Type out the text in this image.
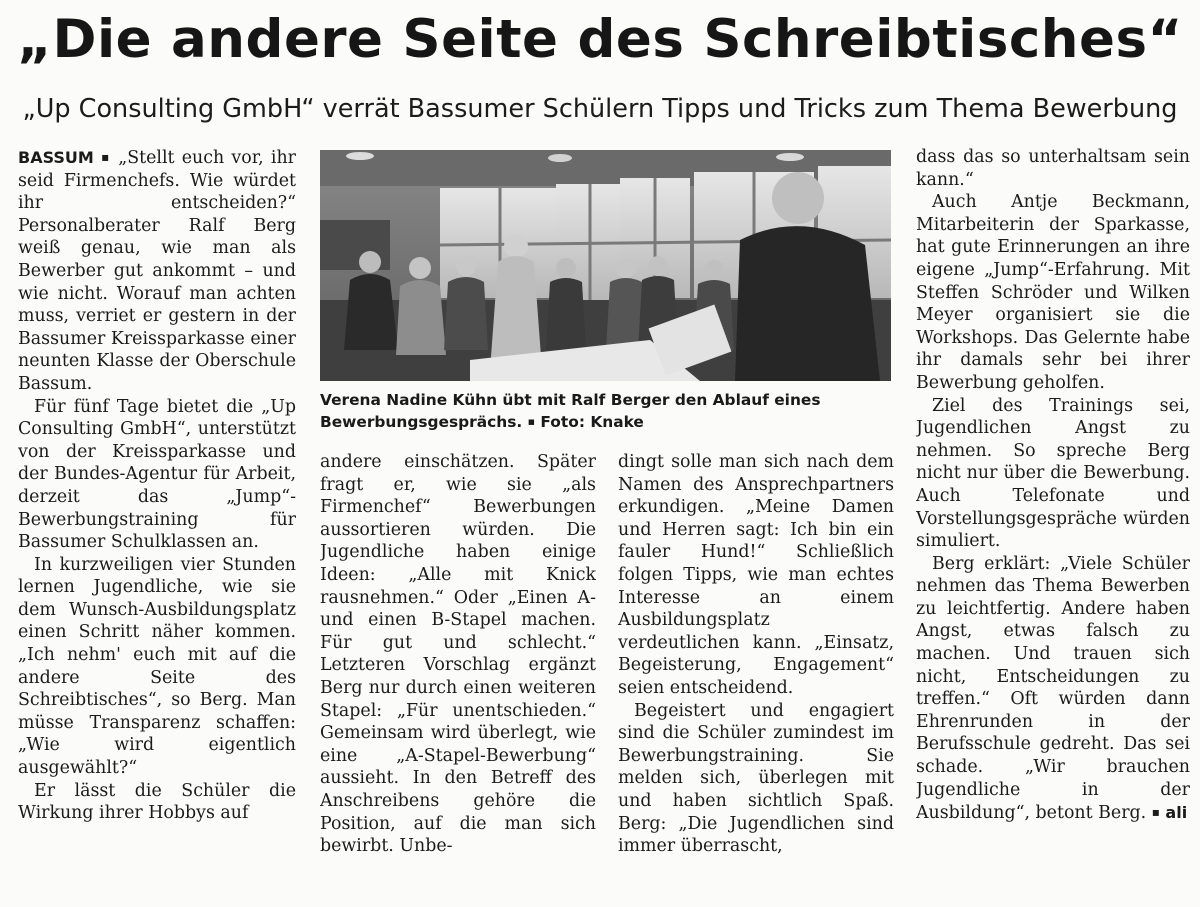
„Die andere Seite des Schreibtisches“
„Up Consulting GmbH“ verrät Bassumer Schülern Tipps und Tricks zum Thema Bewerbung

BASSUM ▪ „Stellt euch vor, ihr seid Firmenchefs. Wie würdet ihr entscheiden?“ Personalberater Ralf Berg weiß genau, wie man als Bewerber gut ankommt – und wie nicht. Worauf man achten muss, verriet er gestern in der Bassumer Kreissparkasse einer neunten Klasse der Oberschule Bassum.

Für fünf Tage bietet die „Up Consulting GmbH“, unterstützt von der Kreissparkasse und der Bundes-Agentur für Arbeit, derzeit das „Jump“-Bewerbungstraining für Bassumer Schulklassen an.

In kurzweiligen vier Stunden lernen Jugendliche, wie sie dem Wunsch-Ausbildungsplatz einen Schritt näher kommen. „Ich nehm' euch mit auf die andere Seite des Schreibtisches“, so Berg. Man müsse Transparenz schaffen: „Wie wird eigentlich ausgewählt?“

Er lässt die Schüler die Wirkung ihrer Hobbys auf

Verena Nadine Kühn übt mit Ralf Berger den Ablauf eines Bewerbungsgesprächs. ▪ Foto: Knake

andere einschätzen. Später fragt er, wie sie „als Firmenchef“ Bewerbungen aussortieren würden. Die Jugendliche haben einige Ideen: „Alle mit Knick rausnehmen.“ Oder „Einen A- und einen B-Stapel machen. Für gut und schlecht.“ Letzteren Vorschlag ergänzt Berg nur durch einen weiteren Stapel: „Für unentschieden.“ Gemeinsam wird überlegt, wie eine „A-Stapel-Bewerbung“ aussieht. In den Betreff des Anschreibens gehöre die Position, auf die man sich bewirbt. Unbe-

dingt solle man sich nach dem Namen des Ansprechpartners erkundigen. „Meine Damen und Herren sagt: Ich bin ein fauler Hund!“ Schließlich folgen Tipps, wie man echtes Interesse an einem Ausbildungsplatz verdeutlichen kann. „Einsatz, Begeisterung, Engagement“ seien entscheidend.

Begeistert und engagiert sind die Schüler zumindest im Bewerbungstraining. Sie melden sich, überlegen mit und haben sichtlich Spaß. Berg: „Die Jugendlichen sind immer überrascht,

dass das so unterhaltsam sein kann.“

Auch Antje Beckmann, Mitarbeiterin der Sparkasse, hat gute Erinnerungen an ihre eigene „Jump“-Erfahrung. Mit Steffen Schröder und Wilken Meyer organisiert sie die Workshops. Das Gelernte habe ihr damals sehr bei ihrer Bewerbung geholfen.

Ziel des Trainings sei, Jugendlichen Angst zu nehmen. So spreche Berg nicht nur über die Bewerbung. Auch Telefonate und Vorstellungsgespräche würden simuliert.

Berg erklärt: „Viele Schüler nehmen das Thema Bewerben zu leichtfertig. Andere haben Angst, etwas falsch zu machen. Und trauen sich nicht, Entscheidungen zu treffen.“ Oft würden dann Ehrenrunden in der Berufsschule gedreht. Das sei schade. „Wir brauchen Jugendliche in der Ausbildung“, betont Berg. ▪ ali
